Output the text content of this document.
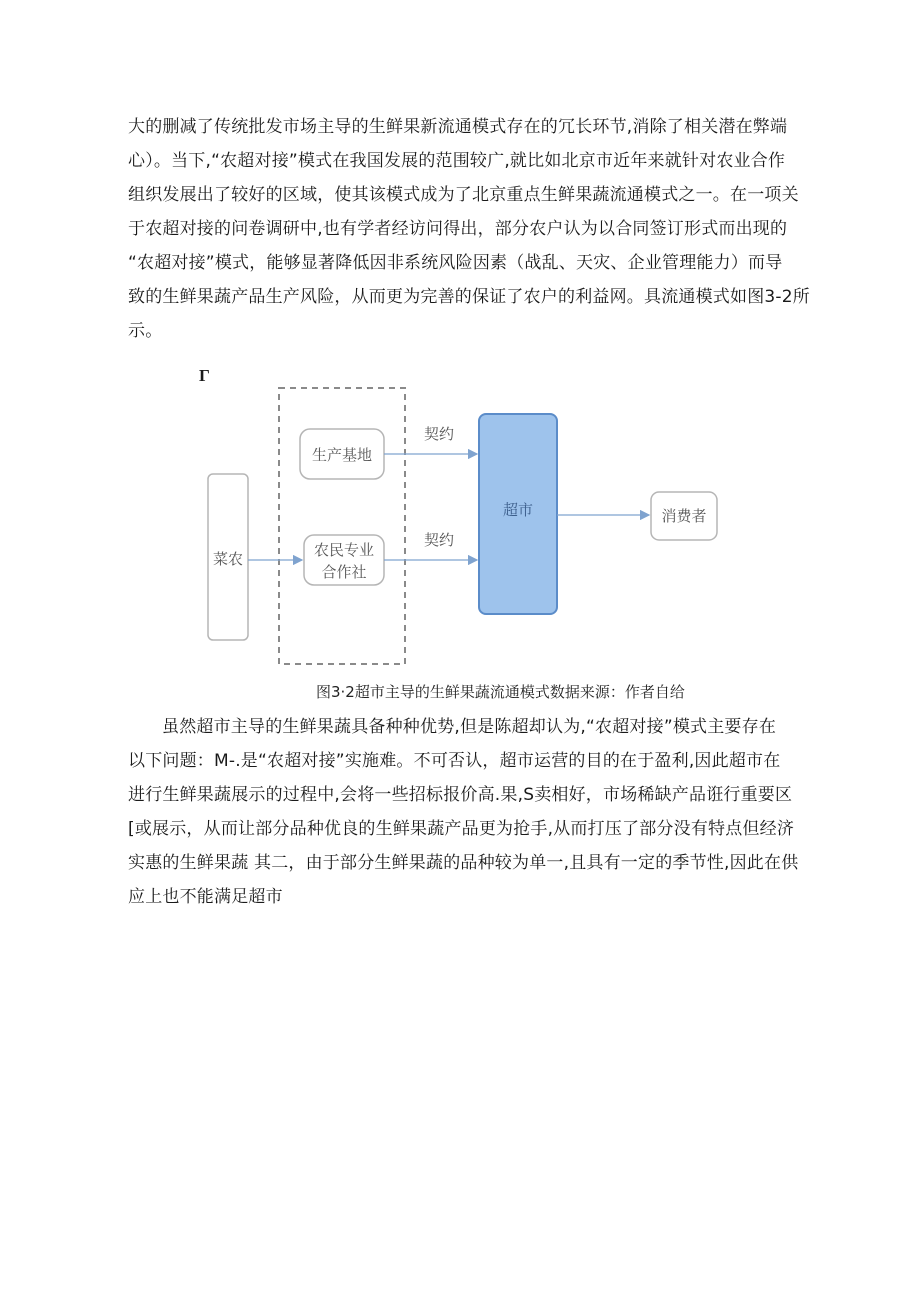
大的删减了传统批发市场主导的生鲜果新流通模式存在的冗长环节,消除了相关潜在弊端
心）。当下,“农超对接”模式在我国发展的范围较广,就比如北京市近年来就针对农业合作
组织发展出了较好的区域，使其该模式成为了北京重点生鲜果蔬流通模式之一。在一项关
于农超对接的问卷调研中,也有学者经访问得出，部分农户认为以合同签订形式而出现的
“农超对接”模式，能够显著降低因非系统风险因素（战乱、天灾、企业管理能力）而导
致的生鲜果蔬产品生产风险，从而更为完善的保证了农户的利益网。具流通模式如图3-2所
示。
Γ
菜农
生产基地
农民专业
合作社
超市	消费者
契约
契约
图3·2超市主导的生鲜果蔬流通模式数据来源：作者自给
虽然超市主导的生鲜果蔬具备种种优势,但是陈超却认为,“农超对接”模式主要存在
以下问题：M-.是“农超对接”实施难。不可否认，超市运营的目的在于盈利,因此超市在
进行生鲜果蔬展示的过程中,会将一些招标报价高.果,S卖相好，市场稀缺产品诳行重要区
[或展示，从而让部分品种优良的生鲜果蔬产品更为抢手,从而打压了部分没有特点但经济
实惠的生鲜果蔬 其二，由于部分生鲜果蔬的品种较为单一,且具有一定的季节性,因此在供
应上也不能满足超市
